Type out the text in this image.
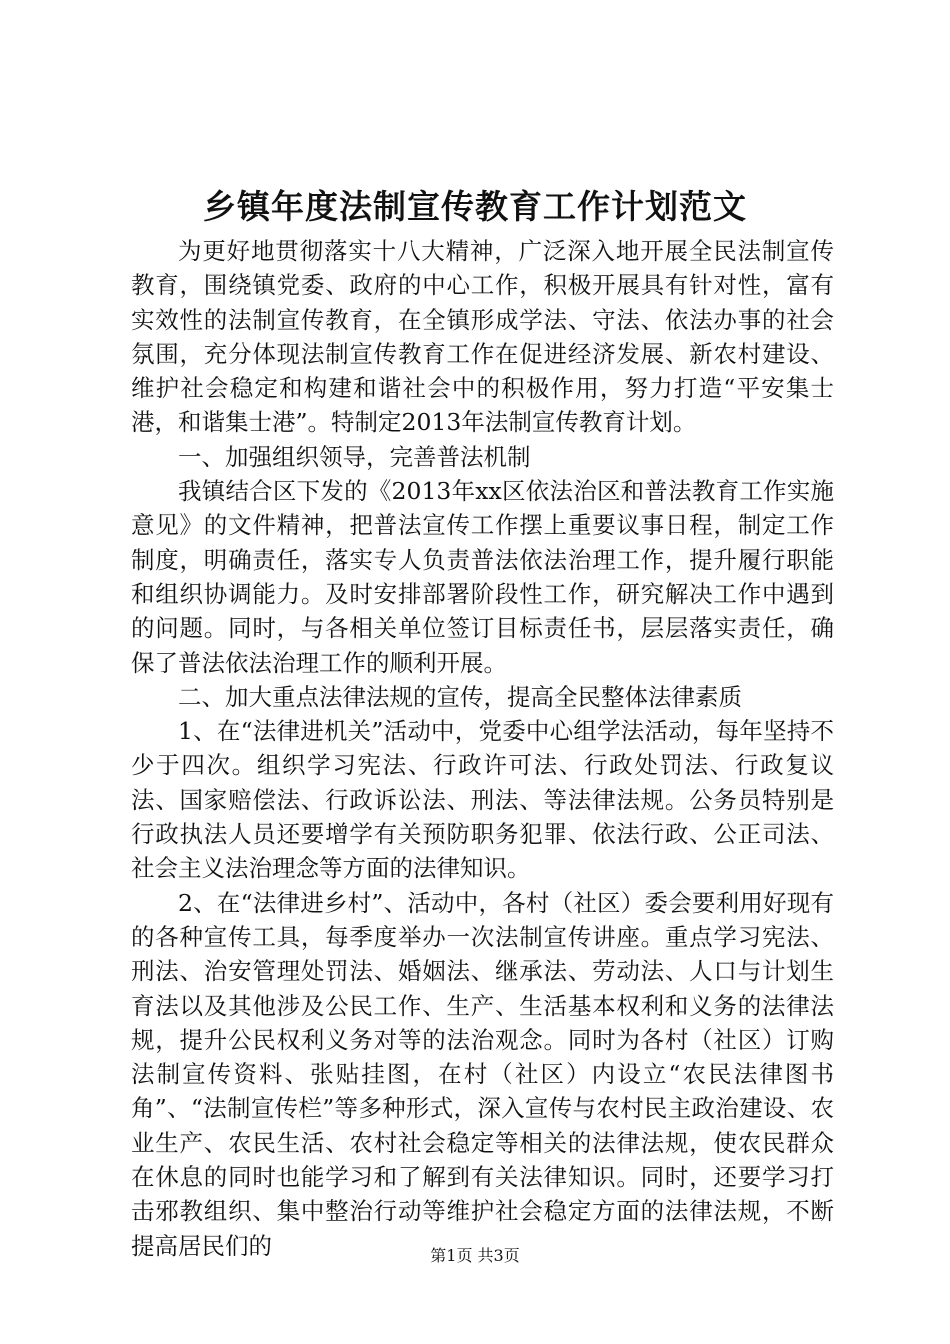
乡镇年度法制宣传教育工作计划范文

为更好地贯彻落实十八大精神，广泛深入地开展全民法制宣传教育，围绕镇党委、政府的中心工作，积极开展具有针对性，富有实效性的法制宣传教育，在全镇形成学法、守法、依法办事的社会氛围，充分体现法制宣传教育工作在促进经济发展、新农村建设、维护社会稳定和构建和谐社会中的积极作用，努力打造“平安集士港，和谐集士港”。特制定2013年法制宣传教育计划。

一、加强组织领导，完善普法机制

我镇结合区下发的《2013年xx区依法治区和普法教育工作实施意见》的文件精神，把普法宣传工作摆上重要议事日程，制定工作制度，明确责任，落实专人负责普法依法治理工作，提升履行职能和组织协调能力。及时安排部署阶段性工作，研究解决工作中遇到的问题。同时，与各相关单位签订目标责任书，层层落实责任，确保了普法依法治理工作的顺利开展。

二、加大重点法律法规的宣传，提高全民整体法律素质

1、在“法律进机关”活动中，党委中心组学法活动，每年坚持不少于四次。组织学习宪法、行政许可法、行政处罚法、行政复议法、国家赔偿法、行政诉讼法、刑法、等法律法规。公务员特别是行政执法人员还要增学有关预防职务犯罪、依法行政、公正司法、社会主义法治理念等方面的法律知识。

2、在“法律进乡村”、活动中，各村（社区）委会要利用好现有的各种宣传工具，每季度举办一次法制宣传讲座。重点学习宪法、刑法、治安管理处罚法、婚姻法、继承法、劳动法、人口与计划生育法以及其他涉及公民工作、生产、生活基本权利和义务的法律法规，提升公民权利义务对等的法治观念。同时为各村（社区）订购法制宣传资料、张贴挂图，在村（社区）内设立“农民法律图书角”、“法制宣传栏”等多种形式，深入宣传与农村民主政治建设、农业生产、农民生活、农村社会稳定等相关的法律法规，使农民群众在休息的同时也能学习和了解到有关法律知识。同时，还要学习打击邪教组织、集中整治行动等维护社会稳定方面的法律法规，不断提高居民们的	第1页 共3页
